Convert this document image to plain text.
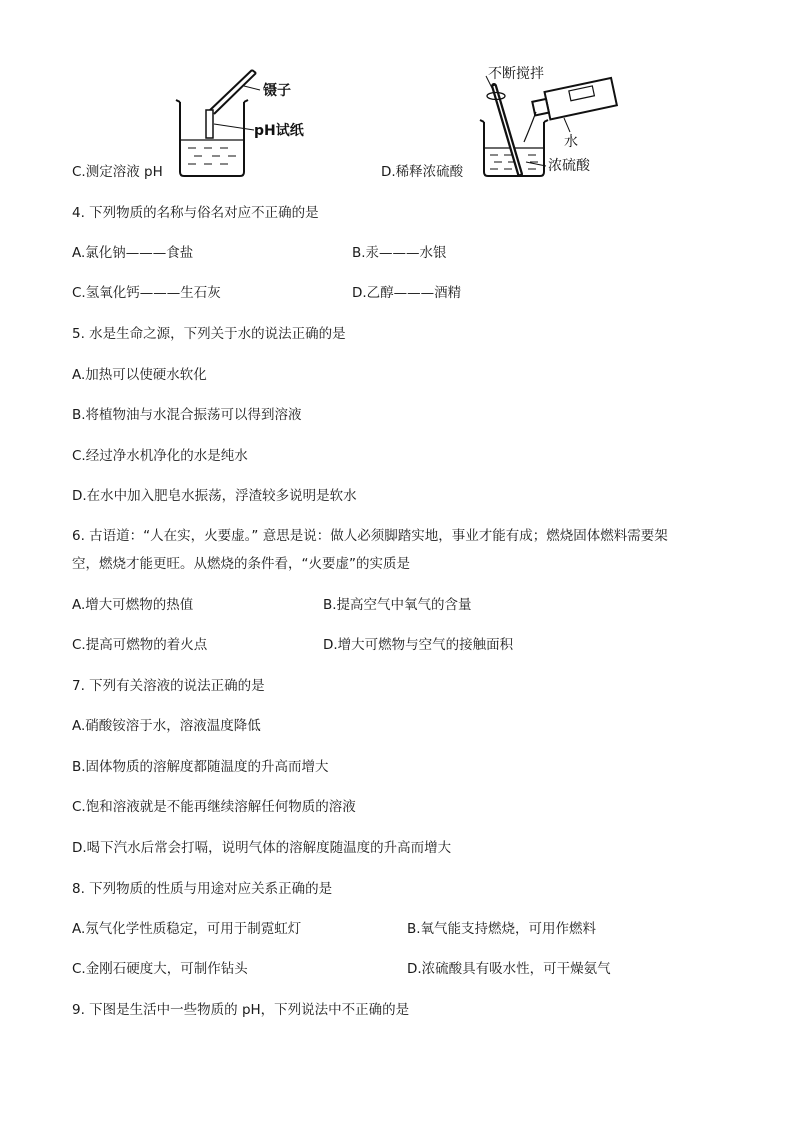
镊子
pH试纸
不断搅拌
水
浓硫酸
C.测定溶液 pH	D.稀释浓硫酸
4. 下列物质的名称与俗名对应不正确的是
A.氯化钠———食盐	B.汞———水银
C.氢氧化钙———生石灰	D.乙醇———酒精
5. 水是生命之源，下列关于水的说法正确的是
A.加热可以使硬水软化
B.将植物油与水混合振荡可以得到溶液
C.经过净水机净化的水是纯水
D.在水中加入肥皂水振荡，浮渣较多说明是软水
6. 古语道：“人在实，火要虚。” 意思是说：做人必须脚踏实地，事业才能有成；燃烧固体燃料需要架
空，燃烧才能更旺。从燃烧的条件看，“火要虚”的实质是
A.增大可燃物的热值	B.提高空气中氧气的含量
C.提高可燃物的着火点	D.增大可燃物与空气的接触面积
7. 下列有关溶液的说法正确的是
A.硝酸铵溶于水，溶液温度降低
B.固体物质的溶解度都随温度的升高而增大
C.饱和溶液就是不能再继续溶解任何物质的溶液
D.喝下汽水后常会打嗝，说明气体的溶解度随温度的升高而增大
8. 下列物质的性质与用途对应关系正确的是
A.氖气化学性质稳定，可用于制霓虹灯	B.氧气能支持燃烧，可用作燃料
C.金刚石硬度大，可制作钻头	D.浓硫酸具有吸水性，可干燥氨气
9. 下图是生活中一些物质的 pH，下列说法中不正确的是
